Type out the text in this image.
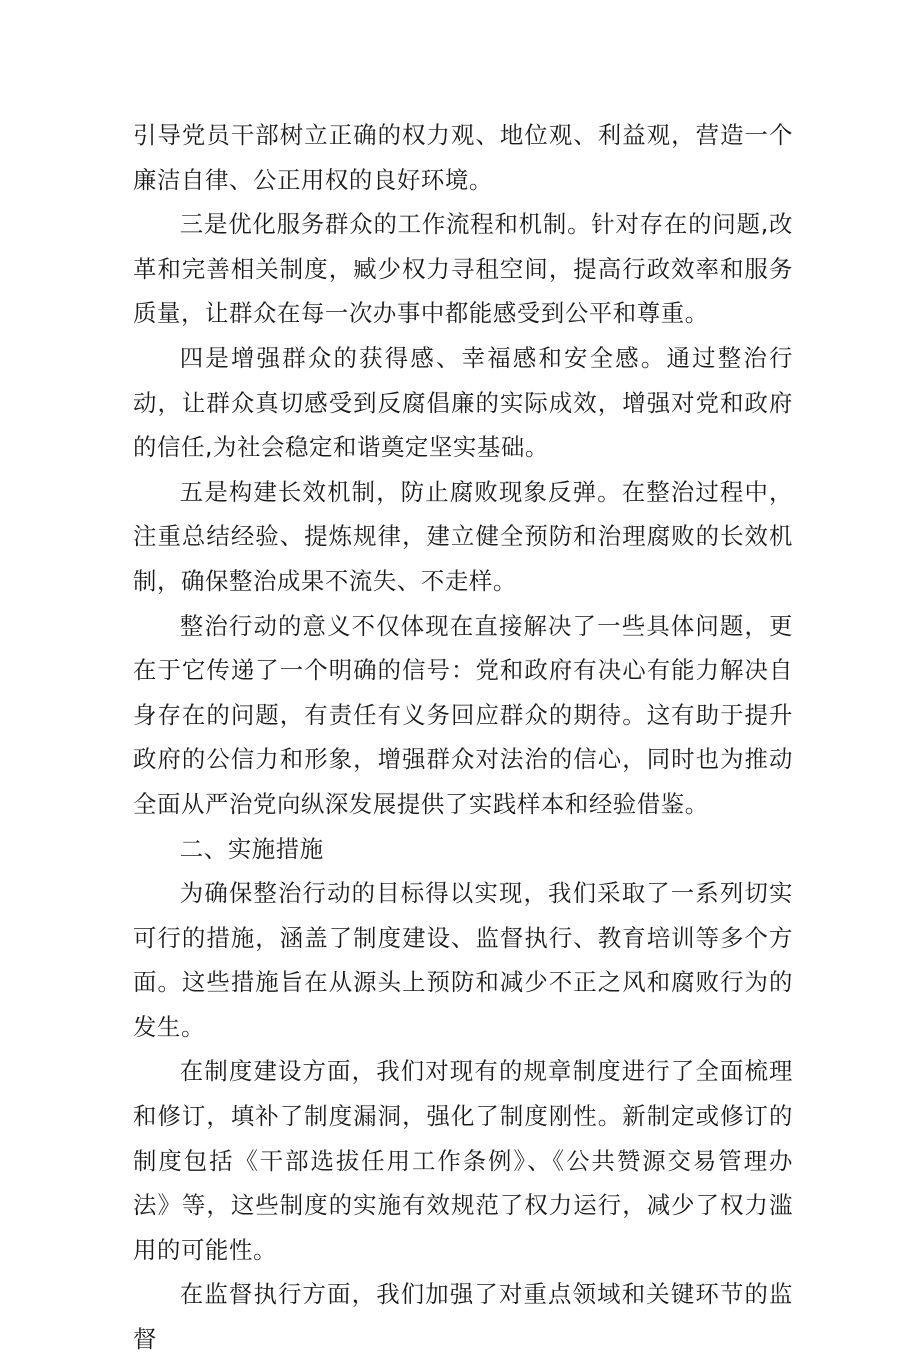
引导党员干部树立正确的权力观、地位观、利益观，营造一个廉洁自律、公正用权的良好环境。

三是优化服务群众的工作流程和机制。针对存在的问题,改革和完善相关制度，臧少权力寻租空间，提高行政效率和服务质量，让群众在每一次办事中都能感受到公平和尊重。

四是增强群众的获得感、幸福感和安全感。通过整治行动，让群众真切感受到反腐倡廉的实际成效，增强对党和政府的信任,为社会稳定和谐奠定坚实基础。

五是构建长效机制，防止腐败现象反弹。在整治过程中，注重总结经验、提炼规律，建立健全预防和治理腐败的长效机制，确保整治成果不流失、不走样。

整治行动的意义不仅体现在直接解决了一些具体问题，更在于它传递了一个明确的信号：党和政府有决心有能力解决自身存在的问题，有责任有义务回应群众的期待。这有助于提升政府的公信力和形象，增强群众对法治的信心，同时也为推动全面从严治党向纵深发展提供了实践样本和经验借鉴。

二、实施措施

为确保整治行动的目标得以实现，我们采取了一系列切实可行的措施，涵盖了制度建设、监督执行、教育培训等多个方面。这些措施旨在从源头上预防和减少不正之风和腐败行为的发生。

在制度建设方面，我们对现有的规章制度进行了全面梳理和修订，填补了制度漏洞，强化了制度刚性。新制定或修订的制度包括《干部选拔任用工作条例》、《公共赞源交易管理办法》等，这些制度的实施有效规范了权力运行，减少了权力滥用的可能性。

在监督执行方面，我们加强了对重点领域和关键环节的监督
